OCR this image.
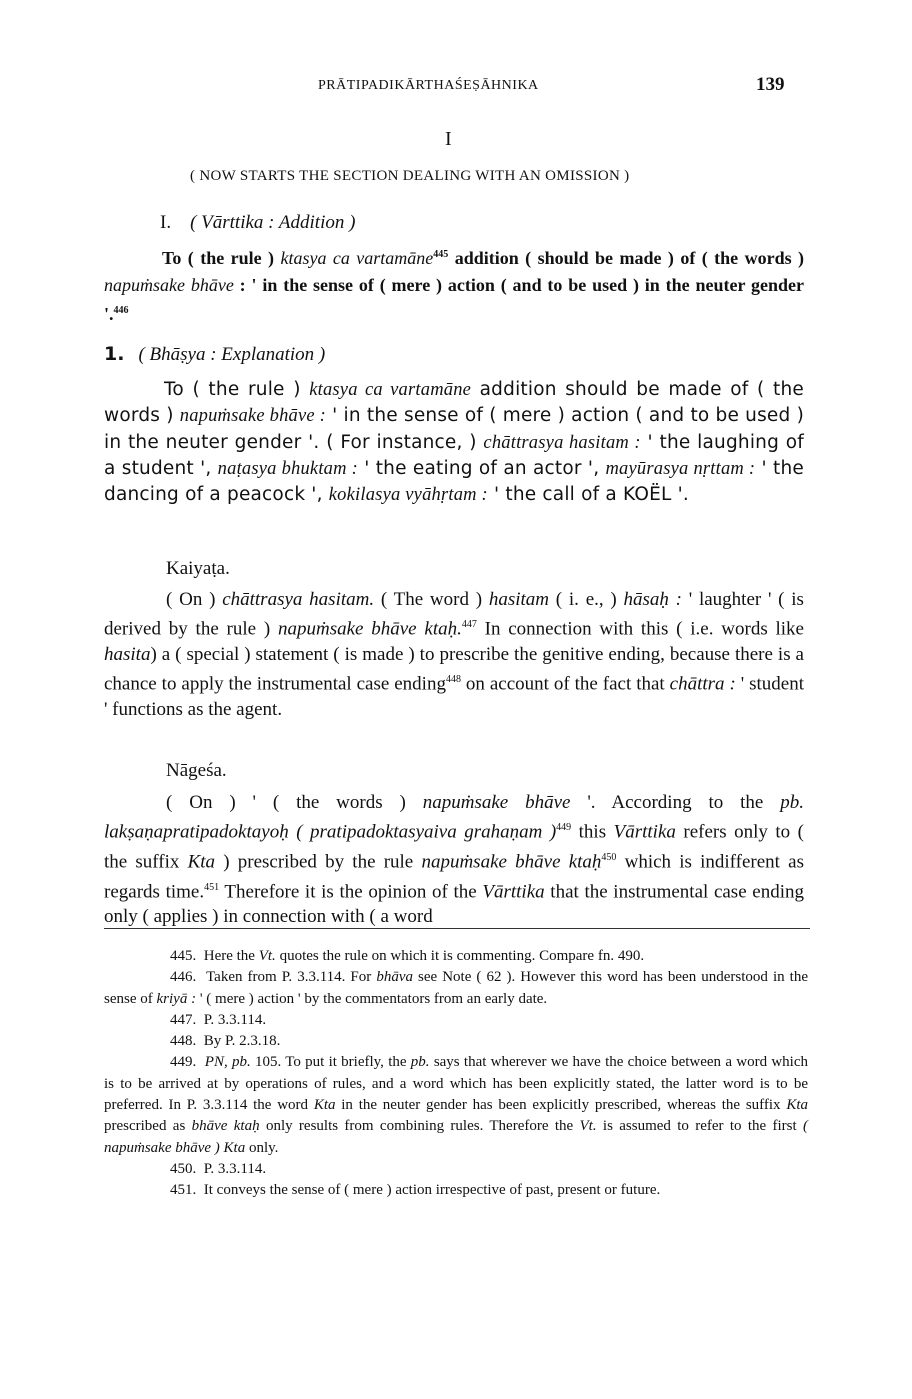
PRĀTIPADIKĀRTHAŚEṢĀHNIKA	139
I
( NOW STARTS THE SECTION DEALING WITH AN OMISSION )
I. ( Vārttika : Addition )
To ( the rule ) ktasya ca vartamāne$^{445}$ addition ( should be made ) of ( the words ) napuṁsake bhāve : ' in the sense of ( mere ) action ( and to be used ) in the neuter gender '.$^{446}$
1. ( Bhāṣya : Explanation )
To ( the rule ) ktasya ca vartamāne addition should be made of ( the words ) napuṁsake bhāve : ' in the sense of ( mere ) action ( and to be used ) in the neuter gender '. ( For instance, ) chāttrasya hasitam : ' the laughing of a student ', naṭasya bhuktam : ' the eating of an actor ', mayūrasya nṛttam : ' the dancing of a peacock ', kokilasya vyāhṛtam : ' the call of a KOËL '.
Kaiyaṭa.
( On ) chāttrasya hasitam. ( The word ) hasitam ( i. e., ) hāsaḥ : ' laughter ' ( is derived by the rule ) napuṁsake bhāve ktaḥ.$^{447}$ In connection with this ( i.e. words like hasita) a ( special ) statement ( is made ) to prescribe the genitive ending, because there is a chance to apply the instrumental case ending$^{448}$ on account of the fact that chāttra : ' student ' functions as the agent.
Nāgeśa.
( On ) ' ( the words ) napuṁsake bhāve '. According to the pb. lakṣaṇapratipadoktayoḥ ( pratipadoktasyaiva grahaṇam )$^{449}$ this Vārttika refers only to ( the suffix Kta ) prescribed by the rule napuṁsake bhāve ktaḥ$^{450}$ which is indifferent as regards time.$^{451}$ Therefore it is the opinion of the Vārttika that the instrumental case ending only ( applies ) in connection with ( a word

445. Here the Vt. quotes the rule on which it is commenting. Compare fn. 490.

446. Taken from P. 3.3.114. For bhāva see Note ( 62 ). However this word has been understood in the sense of kriyā : ' ( mere ) action ' by the commentators from an early date.

447. P. 3.3.114.

448. By P. 2.3.18.

449. PN, pb. 105. To put it briefly, the pb. says that wherever we have the choice between a word which is to be arrived at by operations of rules, and a word which has been explicitly stated, the latter word is to be preferred. In P. 3.3.114 the word Kta in the neuter gender has been explicitly prescribed, whereas the suffix Kta prescribed as bhāve ktaḥ only results from combining rules. Therefore the Vt. is assumed to refer to the first ( napuṁsake bhāve ) Kta only.

450. P. 3.3.114.

451. It conveys the sense of ( mere ) action irrespective of past, present or future.
